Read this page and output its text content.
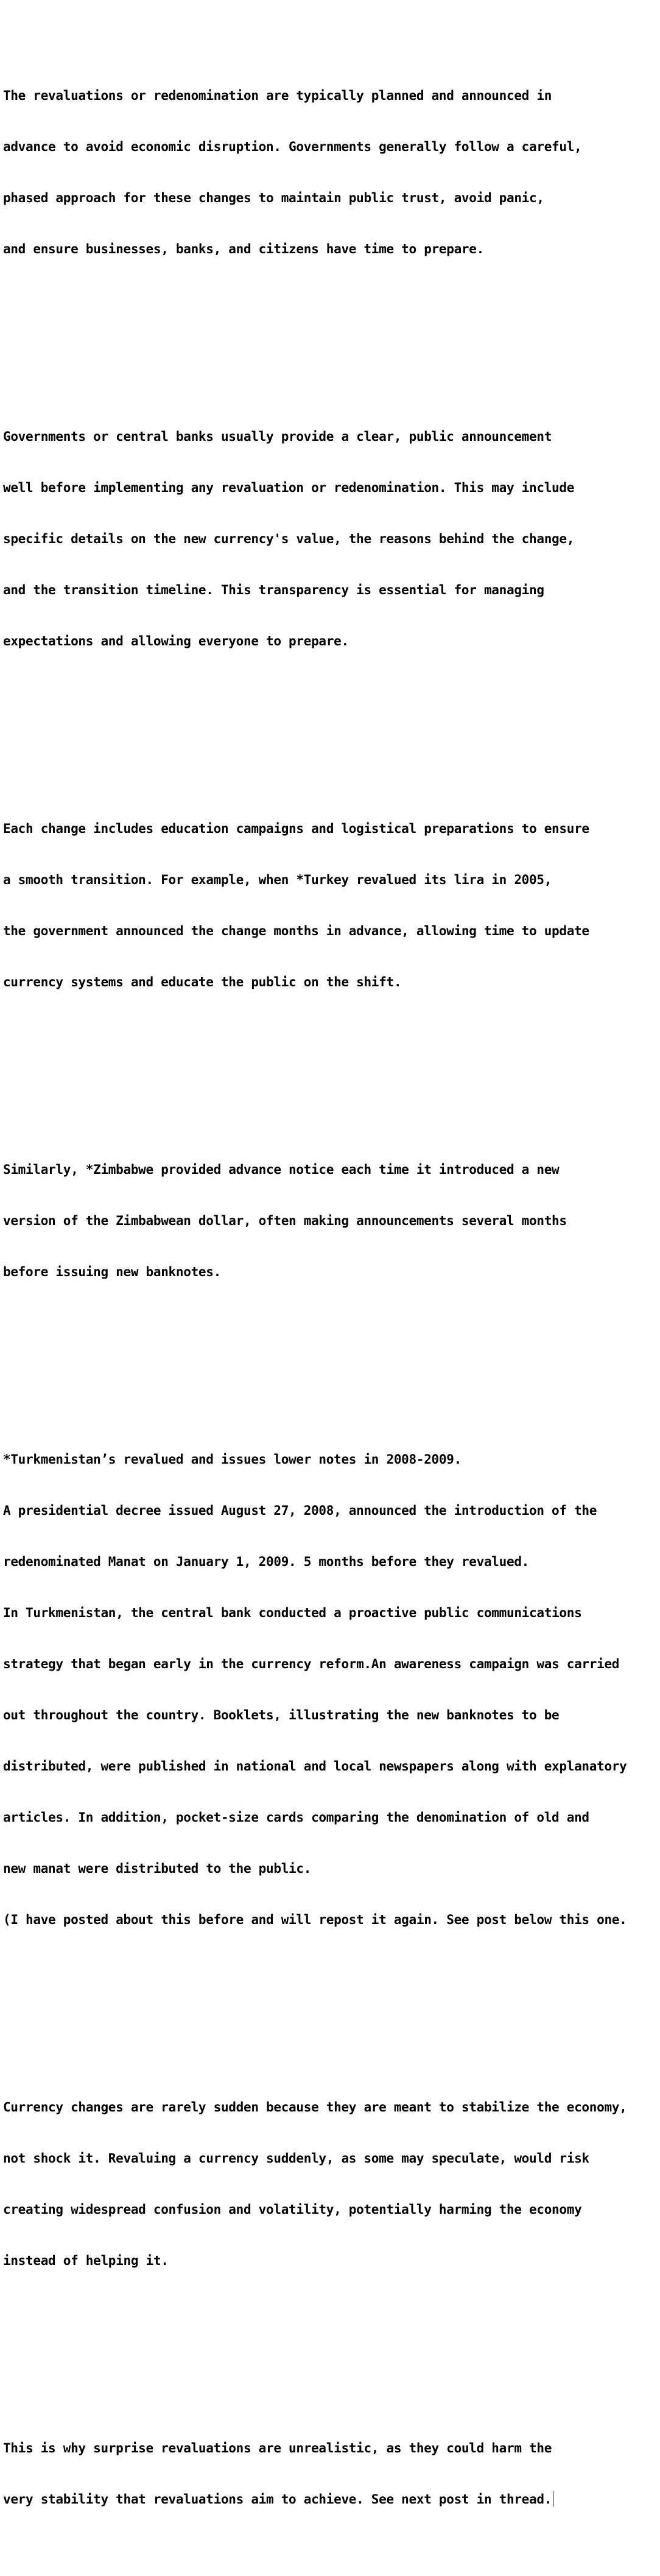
The revaluations or redenomination are typically planned and announced in

advance to avoid economic disruption. Governments generally follow a careful,

phased approach for these changes to maintain public trust, avoid panic,

and ensure businesses, banks, and citizens have time to prepare.

Governments or central banks usually provide a clear, public announcement

well before implementing any revaluation or redenomination. This may include

specific details on the new currency's value, the reasons behind the change,

and the transition timeline. This transparency is essential for managing

expectations and allowing everyone to prepare.

Each change includes education campaigns and logistical preparations to ensure

a smooth transition. For example, when *Turkey revalued its lira in 2005,

the government announced the change months in advance, allowing time to update

currency systems and educate the public on the shift.

Similarly, *Zimbabwe provided advance notice each time it introduced a new

version of the Zimbabwean dollar, often making announcements several months

before issuing new banknotes.

*Turkmenistan’s revalued and issues lower notes in 2008-2009.

A presidential decree issued August 27, 2008, announced the introduction of the

redenominated Manat on January 1, 2009. 5 months before they revalued.

In Turkmenistan, the central bank conducted a proactive public communications

strategy that began early in the currency reform.An awareness campaign was carried

out throughout the country. Booklets, illustrating the new banknotes to be

distributed, were published in national and local newspapers along with explanatory

articles. In addition, pocket-size cards comparing the denomination of old and

new manat were distributed to the public.

(I have posted about this before and will repost it again. See post below this one.

Currency changes are rarely sudden because they are meant to stabilize the economy,

not shock it. Revaluing a currency suddenly, as some may speculate, would risk

creating widespread confusion and volatility, potentially harming the economy

instead of helping it.

This is why surprise revaluations are unrealistic, as they could harm the

very stability that revaluations aim to achieve. See next post in thread.
